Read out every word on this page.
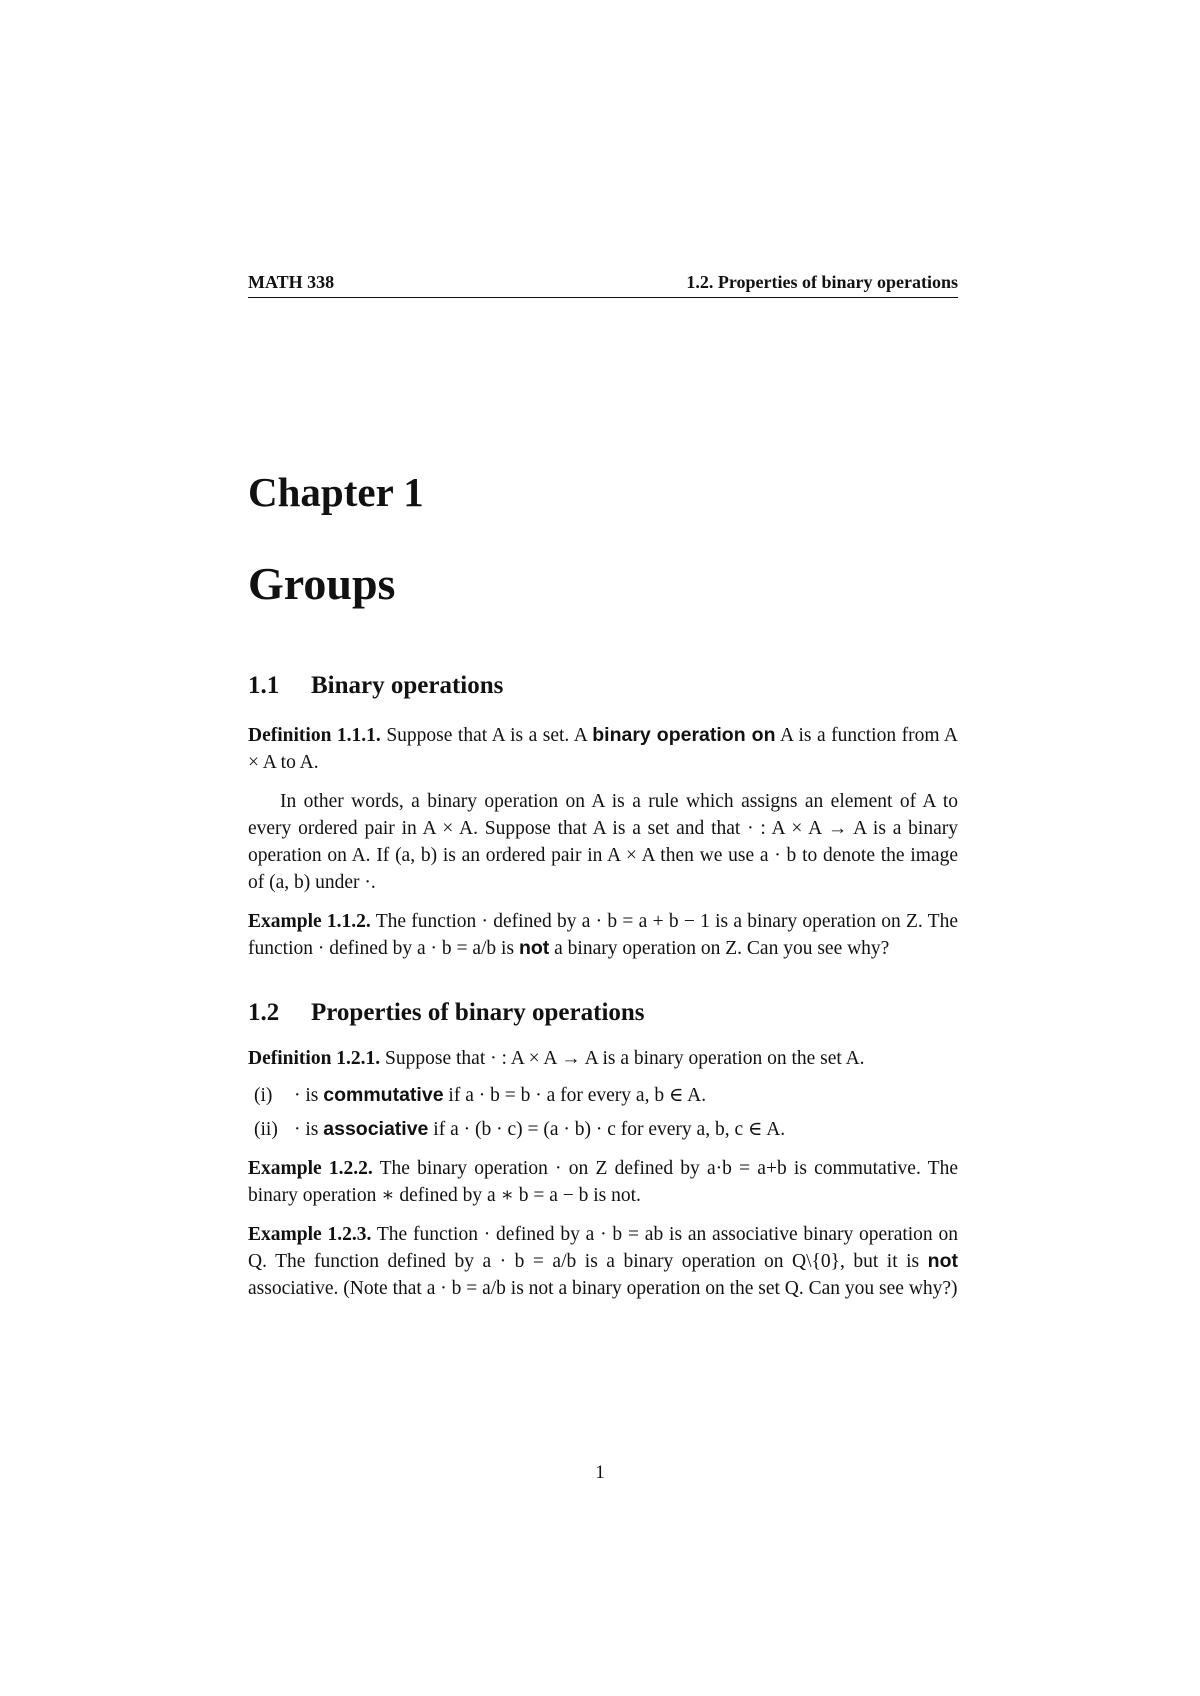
MATH 338	1.2. Properties of binary operations
Chapter 1
Groups
1.1 Binary operations

Definition 1.1.1. Suppose that A is a set. A binary operation on A is a function from A × A to A.

In other words, a binary operation on A is a rule which assigns an element of A to every ordered pair in A × A. Suppose that A is a set and that · : A × A → A is a binary operation on A. If (a, b) is an ordered pair in A × A then we use a · b to denote the image of (a, b) under ·.

Example 1.1.2. The function · defined by a · b = a + b − 1 is a binary operation on Z. The function · defined by a · b = a/b is not a binary operation on Z. Can you see why?

1.2 Properties of binary operations

Definition 1.2.1. Suppose that · : A × A → A is a binary operation on the set A.

(i)	· is commutative if a · b = b · a for every a, b ∈ A.
(ii) · is associative if a · (b · c) = (a · b) · c for every a, b, c ∈ A.

Example 1.2.2. The binary operation · on Z defined by a·b = a+b is commutative. The binary operation ∗ defined by a ∗ b = a − b is not.

Example 1.2.3. The function · defined by a · b = ab is an associative binary operation on Q. The function defined by a · b = a/b is a binary operation on Q\{0}, but it is not associative. (Note that a · b = a/b is not a binary operation on the set Q. Can you see why?)

1
